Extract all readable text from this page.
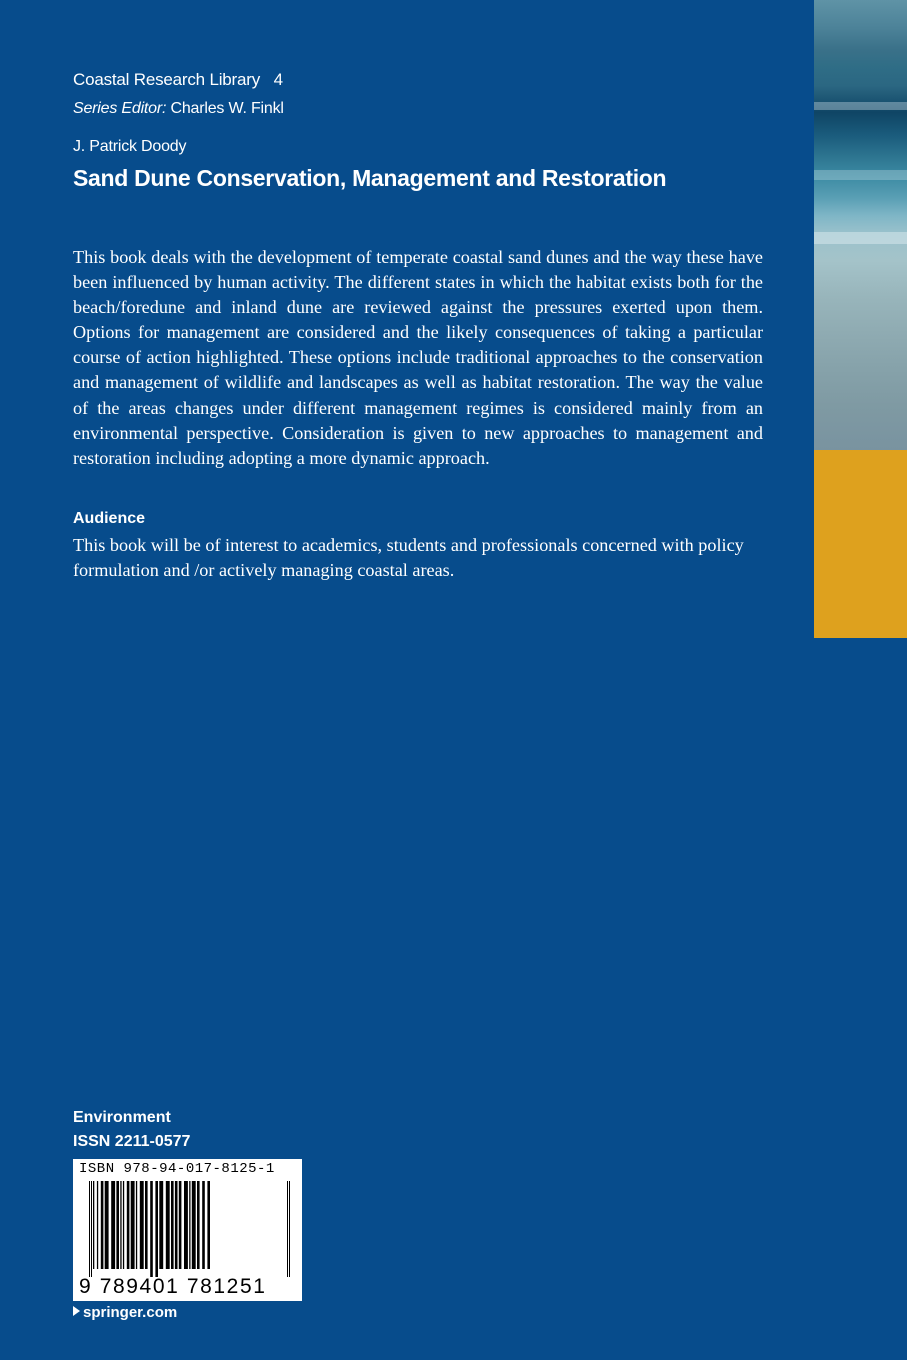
Coastal Research Library 4
Series Editor: Charles W. Finkl
J. Patrick Doody
Sand Dune Conservation, Management and Restoration
This book deals with the development of temperate coastal sand dunes and the way these have been influenced by human activity. The different states in which the habitat exists both for the beach/foredune and inland dune are reviewed against the pressures exerted upon them. Options for management are considered and the likely consequences of taking a particular course of action highlighted. These options include traditional approaches to the conservation and management of wildlife and landscapes as well as habitat restoration. The way the value of the areas changes under different management regimes is considered mainly from an environmental perspective. Consideration is given to new approaches to management and restoration including adopting a more dynamic approach.
Audience
This book will be of interest to academics, students and professionals concerned with policy formulation and /or actively managing coastal areas.
Environment
ISSN 2211-0577
ISBN 978-94-017-8125-1
9 789401 781251
springer.com
